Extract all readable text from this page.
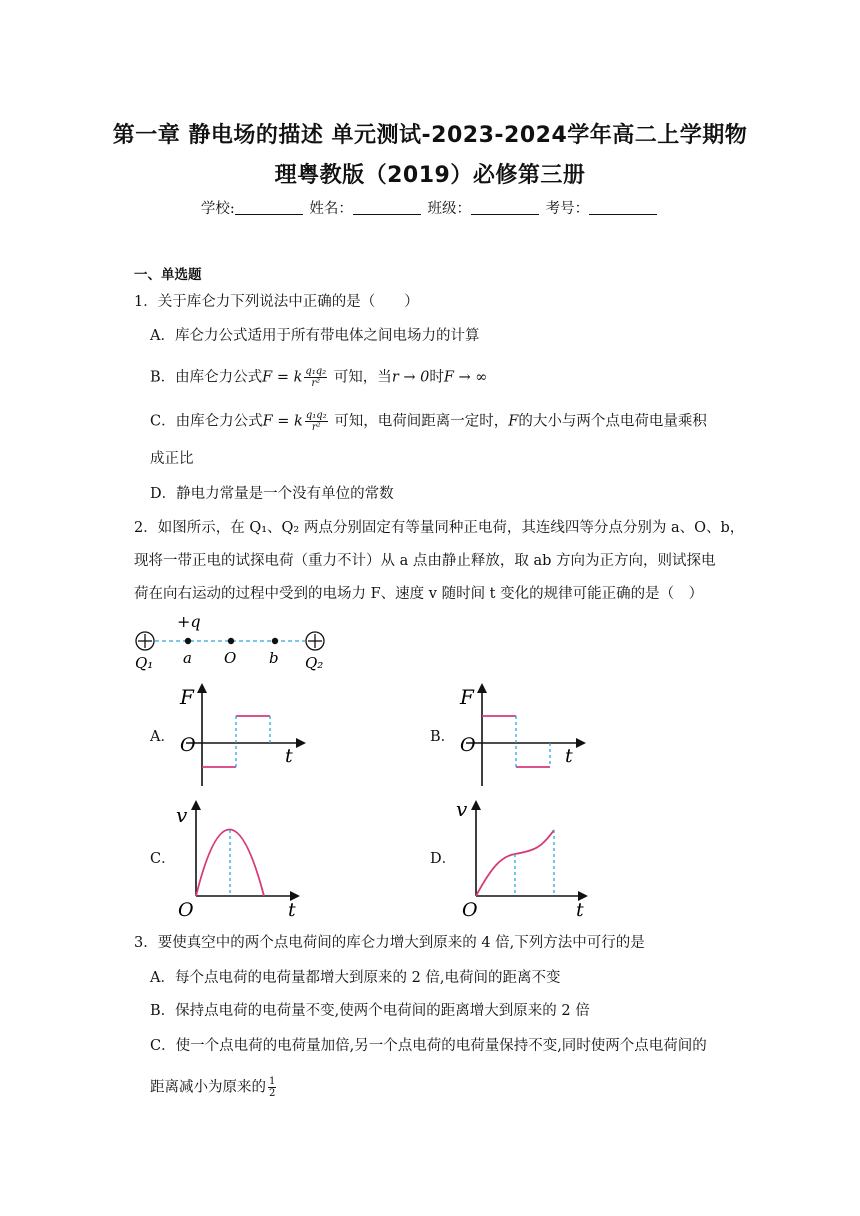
第一章 静电场的描述 单元测试-2023-2024学年高二上学期物
理粤教版（2019）必修第三册
学校:	姓名：	班级：	考号：
一、单选题
1．关于库仑力下列说法中正确的是（　　）
A．库仑力公式适用于所有带电体之间电场力的计算
B．由库仑力公式F = k $\frac{\text{q₁q₂}}{\text{r²}}$ 可知，当r → 0时F → ∞
C．由库仑力公式F = k $\frac{\text{q₁q₂}}{\text{r²}}$ 可知，电荷间距离一定时，F的大小与两个点电荷电量乘积
成正比
D．静电力常量是一个没有单位的常数
2．如图所示，在 Q₁、Q₂ 两点分别固定有等量同种正电荷，其连线四等分点分别为 a、O、b，
现将一带正电的试探电荷（重力不计）从 a 点由静止释放，取 ab 方向为正方向，则试探电
荷在向右运动的过程中受到的电场力 F、速度 v 随时间 t 变化的规律可能正确的是（　）
+q
Q₁ a O b Q₂
A．
F
O	t
B．
F
O	t
C．
v
O	t
D．
v
O	t
3．要使真空中的两个点电荷间的库仑力增大到原来的 4 倍,下列方法中可行的是
A．每个点电荷的电荷量都增大到原来的 2 倍,电荷间的距离不变
B．保持点电荷的电荷量不变,使两个电荷间的距离增大到原来的 2 倍
C．使一个点电荷的电荷量加倍,另一个点电荷的电荷量保持不变,同时使两个点电荷间的
距离减小为原来的 $\frac{1}{2}$
